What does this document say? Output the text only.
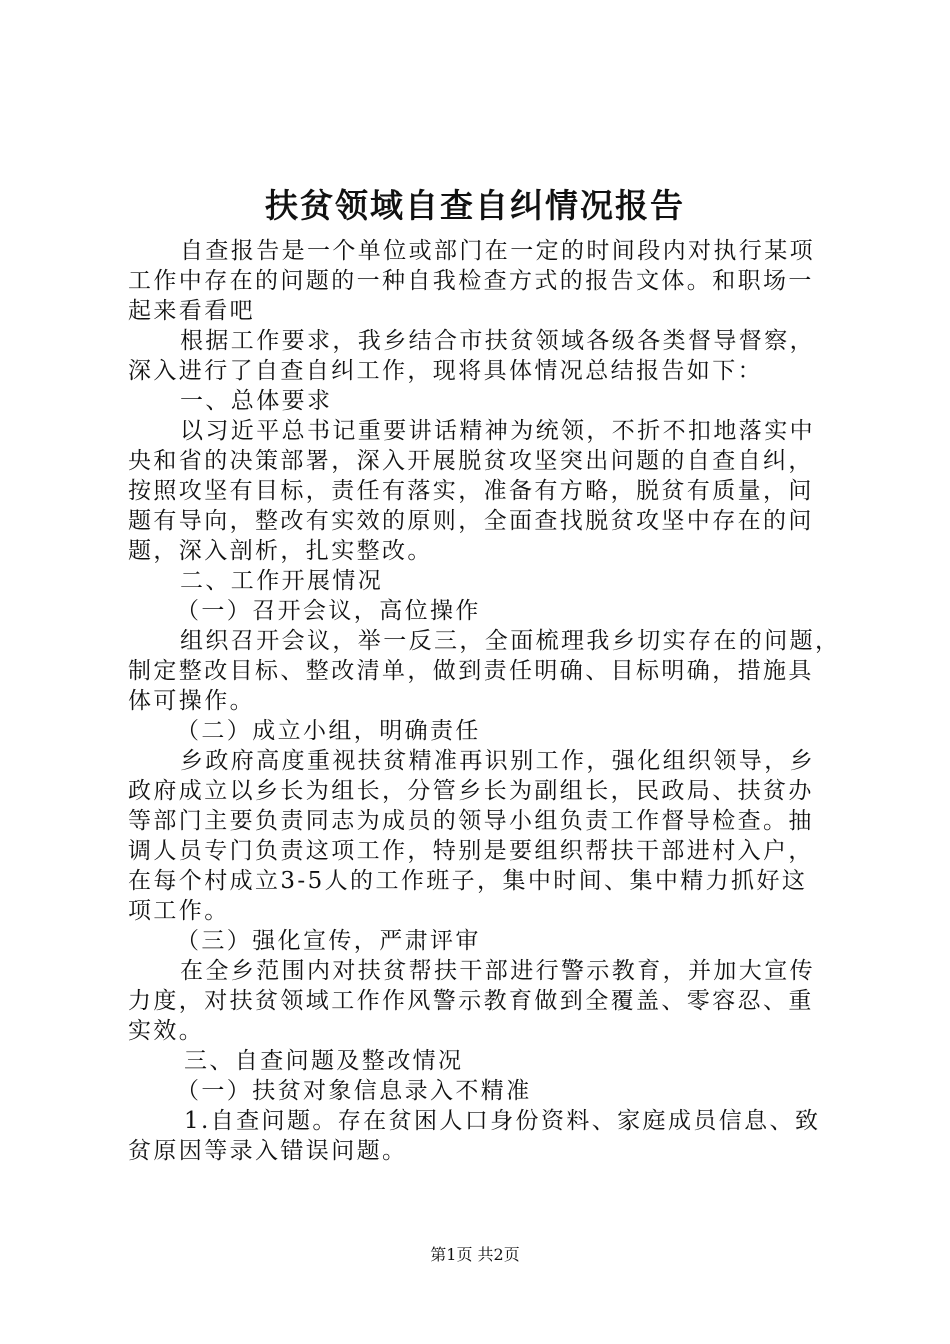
扶贫领域自查自纠情况报告
自查报告是一个单位或部门在一定的时间段内对执行某项
工作中存在的问题的一种自我检查方式的报告文体。和职场一
起来看看吧
根据工作要求，我乡结合市扶贫领域各级各类督导督察，
深入进行了自查自纠工作，现将具体情况总结报告如下：
一、总体要求
以习近平总书记重要讲话精神为统领，不折不扣地落实中
央和省的决策部署，深入开展脱贫攻坚突出问题的自查自纠，
按照攻坚有目标，责任有落实，准备有方略，脱贫有质量，问
题有导向，整改有实效的原则，全面查找脱贫攻坚中存在的问
题，深入剖析，扎实整改。
二、工作开展情况
（一）召开会议，高位操作
组织召开会议，举一反三，全面梳理我乡切实存在的问题，
制定整改目标、整改清单，做到责任明确、目标明确，措施具
体可操作。
（二）成立小组，明确责任
乡政府高度重视扶贫精准再识别工作，强化组织领导，乡
政府成立以乡长为组长，分管乡长为副组长，民政局、扶贫办
等部门主要负责同志为成员的领导小组负责工作督导检查。抽
调人员专门负责这项工作，特别是要组织帮扶干部进村入户，
在每个村成立3-5人的工作班子，集中时间、集中精力抓好这
项工作。
（三）强化宣传，严肃评审
在全乡范围内对扶贫帮扶干部进行警示教育，并加大宣传
力度，对扶贫领域工作作风警示教育做到全覆盖、零容忍、重
实效。
三、自查问题及整改情况
（一）扶贫对象信息录入不精准
1.自查问题。存在贫困人口身份资料、家庭成员信息、致
贫原因等录入错误问题。
第1页 共2页
